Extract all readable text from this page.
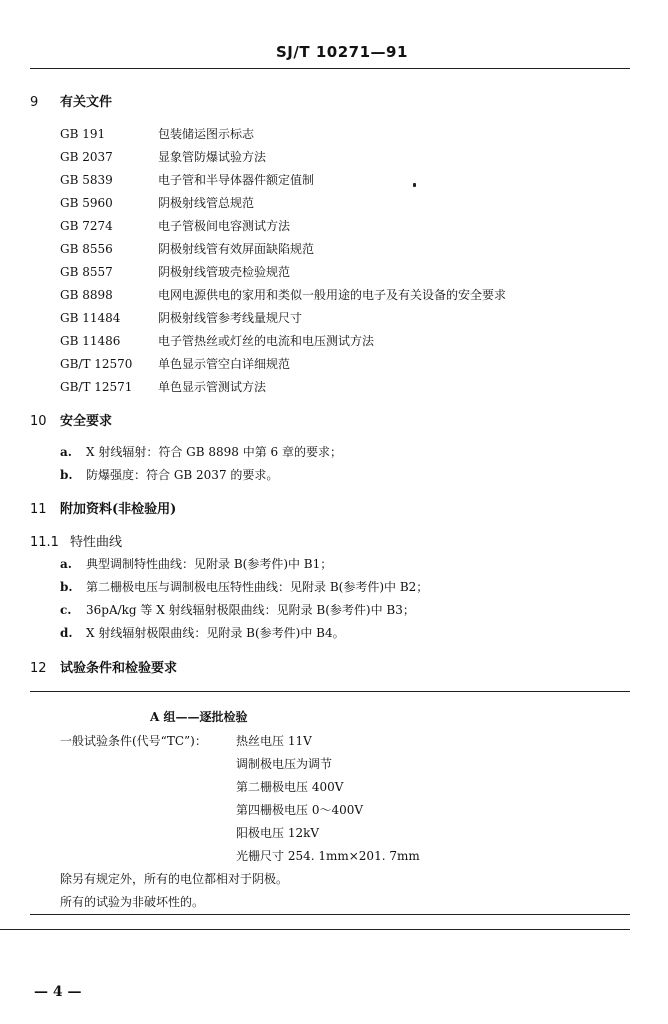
SJ/T 10271—91
9 有关文件
GB 191	包装储运图示标志
GB 2037	显象管防爆试验方法
GB 5839	电子管和半导体器件额定值制
GB 5960	阴极射线管总规范
GB 7274	电子管极间电容测试方法
GB 8556	阴极射线管有效屏面缺陷规范
GB 8557	阴极射线管玻壳检验规范
GB 8898	电网电源供电的家用和类似一般用途的电子及有关设备的安全要求
GB 11484	阴极射线管参考线量规尺寸
GB 11486	电子管热丝或灯丝的电流和电压测试方法
GB/T 12570 单色显示管空白详细规范
GB/T 12571 单色显示管测试方法
10 安全要求
a. X 射线辐射：符合 GB 8898 中第 6 章的要求；
b. 防爆强度：符合 GB 2037 的要求。
11 附加资料(非检验用)
11.1 特性曲线
a. 典型调制特性曲线：见附录 B(参考件)中 B1；
b. 第二栅极电压与调制极电压特性曲线：见附录 B(参考件)中 B2；
c. 36pA/kg 等 X 射线辐射极限曲线：见附录 B(参考件)中 B3；
d. X 射线辐射极限曲线：见附录 B(参考件)中 B4。
12 试验条件和检验要求
A 组——逐批检验
一般试验条件(代号“TC”)： 热丝电压 11V
调制极电压为调节
第二栅极电压 400V
第四栅极电压 0～400V
阳极电压 12kV
光栅尺寸 254. 1mm×201. 7mm
除另有规定外，所有的电位都相对于阴极。
所有的试验为非破坏性的。
— 4 —
